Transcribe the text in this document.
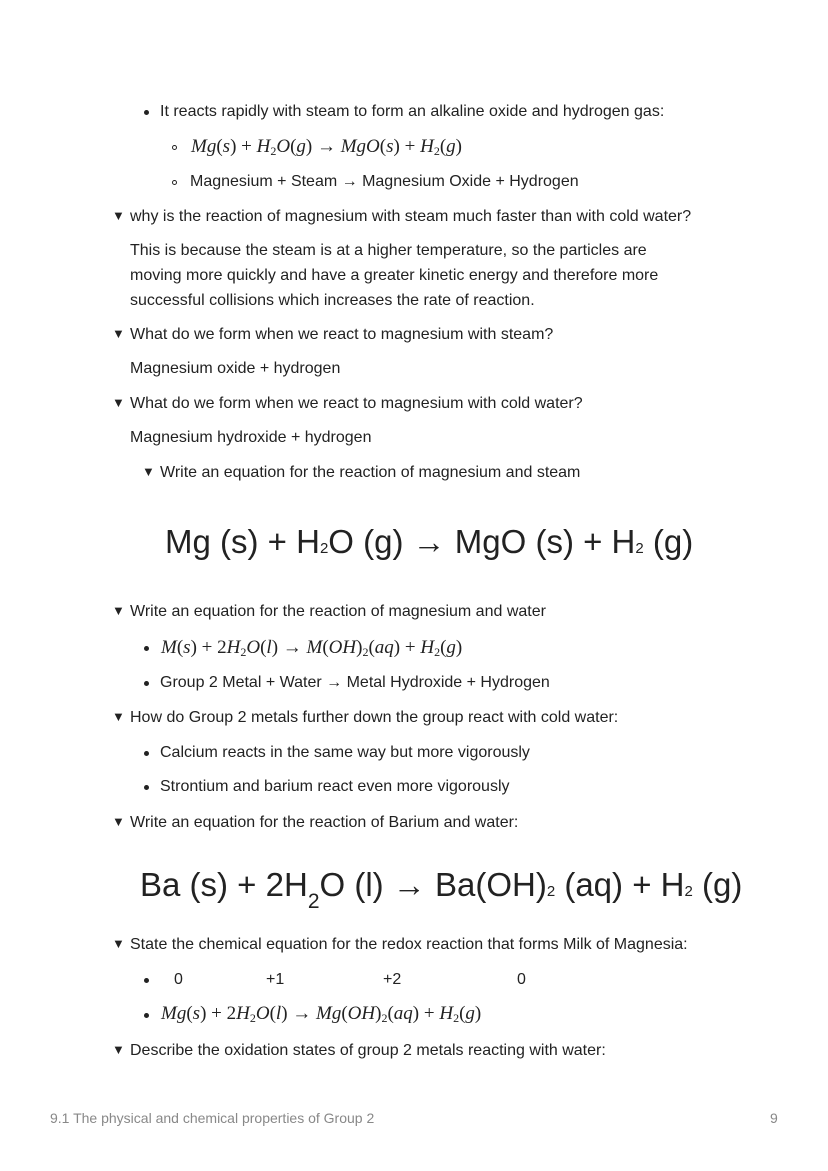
It reacts rapidly with steam to form an alkaline oxide and hydrogen gas:
$Mg(s) + H_2O(g) \to MgO(s) + H_2(g)$
Magnesium + Steam → Magnesium Oxide + Hydrogen
▼ why is the reaction of magnesium with steam much faster than with cold water?
This is because the steam is at a higher temperature, so the particles are
moving more quickly and have a greater kinetic energy and therefore more
successful collisions which increases the rate of reaction.
▼ What do we form when we react to magnesium with steam?
Magnesium oxide + hydrogen
▼ What do we form when we react to magnesium with cold water?
Magnesium hydroxide + hydrogen
▼ Write an equation for the reaction of magnesium and steam
Mg (s) + H2O (g) → MgO (s) + H2 (g)
▼ Write an equation for the reaction of magnesium and water
$M(s) + 2H_2O(l) \to M(OH)_2(aq) + H_2(g)$
Group 2 Metal + Water → Metal Hydroxide + Hydrogen
▼ How do Group 2 metals further down the group react with cold water:
Calcium reacts in the same way but more vigorously
Strontium and barium react even more vigorously
▼ Write an equation for the reaction of Barium and water:
Ba $(s) + 2H_2O$ (l) → Ba(OH)2 (aq) + H2 (g)
▼ State the chemical equation for the redox reaction that forms Milk of Magnesia:
0	+1	+2	0
$Mg(s) + 2H_2O(l) \to Mg(OH)_2(aq) + H_2(g)$
▼ Describe the oxidation states of group 2 metals reacting with water:
9.1 The physical and chemical properties of Group 2	9
